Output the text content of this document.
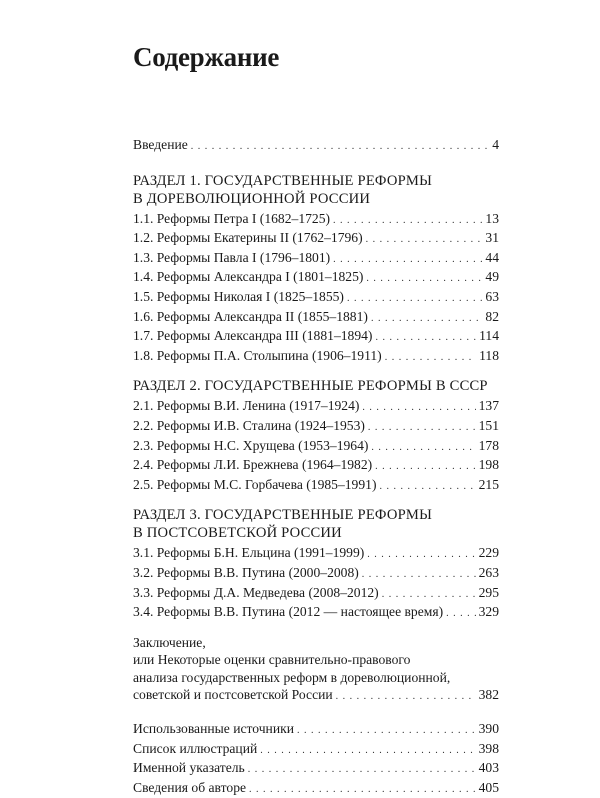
Содержание
Введение . . .	4
РАЗДЕЛ 1. ГОСУДАРСТВЕННЫЕ РЕФОРМЫ
В ДОРЕВОЛЮЦИОННОЙ РОССИИ
1.1. Реформы Петра I (1682–1725) . . .	13
1.2. Реформы Екатерины II (1762–1796) . . .	31
1.3. Реформы Павла I (1796–1801) . . .	44
1.4. Реформы Александра I (1801–1825) . . .	49
1.5. Реформы Николая I (1825–1855) . . .	63
1.6. Реформы Александра II (1855–1881) . . .	82
1.7. Реформы Александра III (1881–1894) . . .	114
1.8. Реформы П.А. Столыпина (1906–1911) . . .	118
РАЗДЕЛ 2. ГОСУДАРСТВЕННЫЕ РЕФОРМЫ В СССР
2.1. Реформы В.И. Ленина (1917–1924) . . .	137
2.2. Реформы И.В. Сталина (1924–1953) . . .	151
2.3. Реформы Н.С. Хрущева (1953–1964) . . .	178
2.4. Реформы Л.И. Брежнева (1964–1982) . . .	198
2.5. Реформы М.С. Горбачева (1985–1991) . . .	215
РАЗДЕЛ 3. ГОСУДАРСТВЕННЫЕ РЕФОРМЫ
В ПОСТСОВЕТСКОЙ РОССИИ
3.1. Реформы Б.Н. Ельцина (1991–1999) . . .	229
3.2. Реформы В.В. Путина (2000–2008) . . .	263
3.3. Реформы Д.А. Медведева (2008–2012) . . .	295
3.4. Реформы В.В. Путина (2012 — настоящее время) . . .	329
Заключение,
или Некоторые оценки сравнительно-правового
анализа государственных реформ в дореволюционной,
советской и постсоветской России . . .	382
Использованные источники . . .	390
Список иллюстраций . . .	398
Именной указатель . . .	403
Сведения об авторе . . .	405
